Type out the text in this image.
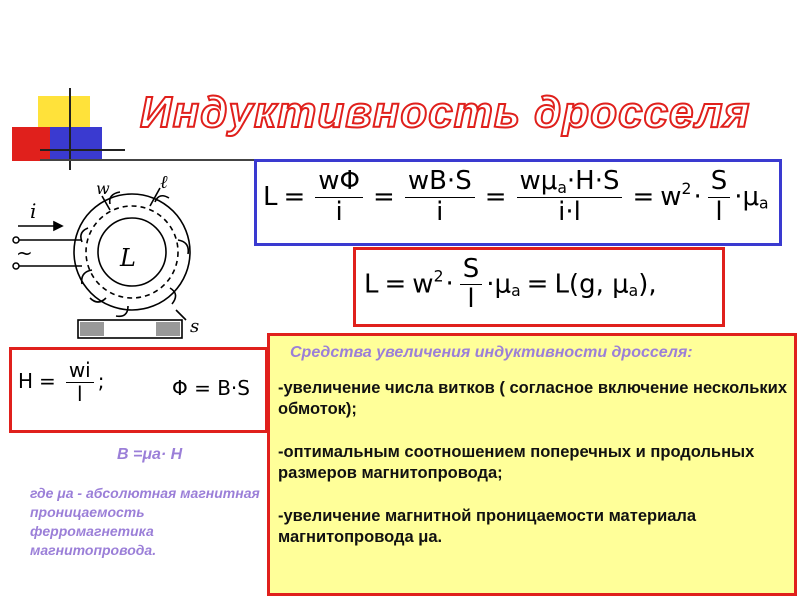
Индуктивность дросселя
i
w	ℓ
L
~
s
$L = \frac{w\Phi}{i} = \frac{wB\cdot S}{i} = \frac{w\mu_a\cdot H\cdot S}{i\cdot l} = w^2\cdot \frac{S}{l} \cdot\mu_a$
$L = w^2\cdot \frac{S}{l} \cdot\mu_a = L(g$, $\mu_a$),
$H = \frac{wi}{l}$ ;	Φ = B·S
B =μa· H
где μa - абсолютная магнитная проницаемость ферромагнетика магнитопровода.
Средства увеличения индуктивности дросселя:
-увеличение числа витков ( согласное включение нескольких обмоток);
-оптимальным соотношением поперечных и продольных размеров магнитопровода;
-увеличение магнитной проницаемости материала магнитопровода μа.
